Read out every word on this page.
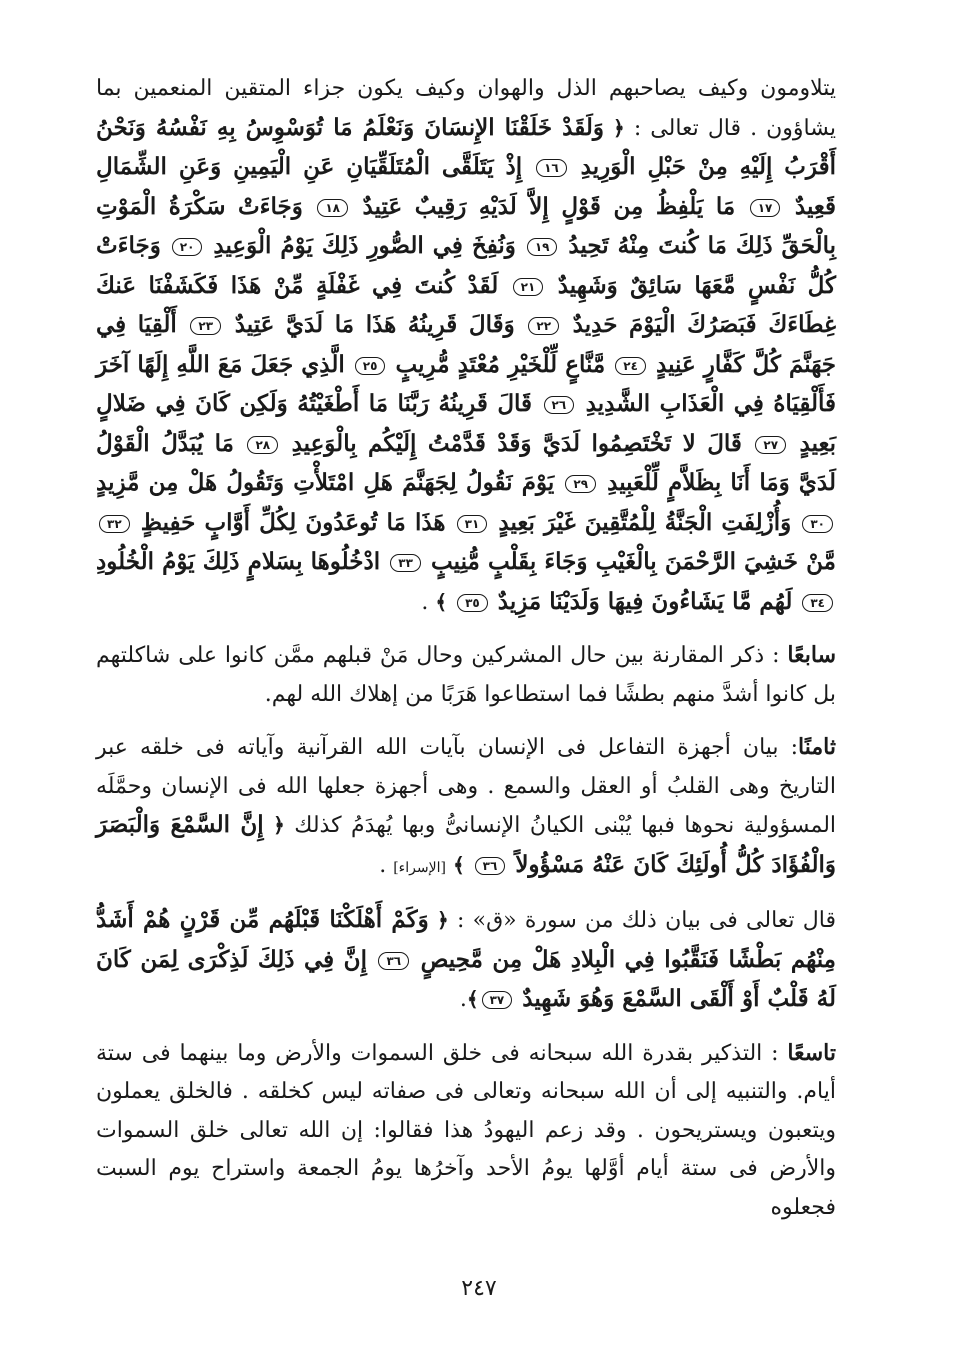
يتلاومون وكيف يصاحبهم الذل والهوان وكيف يكون جزاء المتقين المنعمين بما يشاؤون . قال تعالى : ﴿ وَلَقَدْ خَلَقْنَا الإِنسَانَ وَنَعْلَمُ مَا تُوَسْوِسُ بِهِ نَفْسُهُ وَنَحْنُ أَقْرَبُ إِلَيْهِ مِنْ حَبْلِ الْوَرِيدِ ١٦ إِذْ يَتَلَقَّى الْمُتَلَقِّيَانِ عَنِ الْيَمِينِ وَعَنِ الشِّمَالِ قَعِيدٌ ١٧ مَا يَلْفِظُ مِن قَوْلٍ إِلاَّ لَدَيْهِ رَقِيبٌ عَتِيدٌ ١٨ وَجَاءَتْ سَكْرَةُ الْمَوْتِ بِالْحَقِّ ذَلِكَ مَا كُنتَ مِنْهُ تَحِيدُ ١٩ وَنُفِخَ فِي الصُّورِ ذَلِكَ يَوْمُ الْوَعِيدِ ٢٠ وَجَاءَتْ كُلُّ نَفْسٍ مَّعَهَا سَائِقٌ وَشَهِيدٌ ٢١ لَقَدْ كُنتَ فِي غَفْلَةٍ مِّنْ هَذَا فَكَشَفْنَا عَنكَ غِطَاءَكَ فَبَصَرُكَ الْيَوْمَ حَدِيدٌ ٢٢ وَقَالَ قَرِينُهُ هَذَا مَا لَدَيَّ عَتِيدٌ ٢٣ أَلْقِيَا فِي جَهَنَّمَ كُلَّ كَفَّارٍ عَنِيدٍ ٢٤ مَّنَّاعٍ لِّلْخَيْرِ مُعْتَدٍ مُّرِيبٍ ٢٥ الَّذِي جَعَلَ مَعَ اللَّهِ إِلَهًا آخَرَ فَأَلْقِيَاهُ فِي الْعَذَابِ الشَّدِيدِ ٢٦ قَالَ قَرِينُهُ رَبَّنَا مَا أَطْغَيْتُهُ وَلَكِن كَانَ فِي ضَلالٍ بَعِيدٍ ٢٧ قَالَ لا تَخْتَصِمُوا لَدَيَّ وَقَدْ قَدَّمْتُ إِلَيْكُم بِالْوَعِيدِ ٢٨ مَا يُبَدَّلُ الْقَوْلُ لَدَيَّ وَمَا أَنَا بِظَلاَّمٍ لِّلْعَبِيدِ ٢٩ يَوْمَ نَقُولُ لِجَهَنَّمَ هَلِ امْتَلأْتِ وَتَقُولُ هَلْ مِن مَّزِيدٍ ٣٠ وَأُزْلِفَتِ الْجَنَّةُ لِلْمُتَّقِينَ غَيْرَ بَعِيدٍ ٣١ هَذَا مَا تُوعَدُونَ لِكُلِّ أَوَّابٍ حَفِيظٍ ٣٢ مَّنْ خَشِيَ الرَّحْمَنَ بِالْغَيْبِ وَجَاءَ بِقَلْبٍ مُّنِيبٍ ٣٣ ادْخُلُوهَا بِسَلامٍ ذَلِكَ يَوْمُ الْخُلُودِ ٣٤ لَهُم مَّا يَشَاءُونَ فِيهَا وَلَدَيْنَا مَزِيدٌ ٣٥ ﴾ .

سابعًا : ذكر المقارنة بين حال المشركين وحال مَنْ قبلهم ممَّن كانوا على شاكلتهم بل كانوا أشدَّ منهم بطشًا فما استطاعوا هَرَبًا من إهلاك الله لهم.

ثامنًا: بيان أجهزة التفاعل فى الإنسان بآيات الله القرآنية وآياته فى خلقه عبر التاريخ وهى القلبُ أو العقل والسمع . وهى أجهزة جعلها الله فى الإنسان وحمَّلَه المسؤولية نحوها فبها يُبْنى الكيانُ الإنسانىُّ وبها يُهدَمُ كذلك ﴿ إِنَّ السَّمْعَ وَالْبَصَرَ وَالْفُؤَادَ كُلُّ أُولَئِكَ كَانَ عَنْهُ مَسْؤُولاً ٣٦ ﴾ [الإسراء] .

قال تعالى فى بيان ذلك من سورة «ق» : ﴿ وَكَمْ أَهْلَكْنَا قَبْلَهُم مِّن قَرْنٍ هُمْ أَشَدُّ مِنْهُم بَطْشًا فَنَقَّبُوا فِي الْبِلادِ هَلْ مِن مَّحِيصٍ ٣٦ إِنَّ فِي ذَلِكَ لَذِكْرَى لِمَن كَانَ لَهُ قَلْبٌ أَوْ أَلْقَى السَّمْعَ وَهُوَ شَهِيدٌ ٣٧﴾.

تاسعًا : التذكير بقدرة الله سبحانه فى خلق السموات والأرض وما بينهما فى ستة أيام. والتنبيه إلى أن الله سبحانه وتعالى فى صفاته ليس كخلقه . فالخلق يعملون ويتعبون ويستريحون . وقد زعم اليهودُ هذا فقالوا: إن الله تعالى خلق السموات والأرض فى ستة أيام أوَّلها يومُ الأحد وآخرُها يومُ الجمعة واستراح يوم السبت فجعلوه

٢٤٧
